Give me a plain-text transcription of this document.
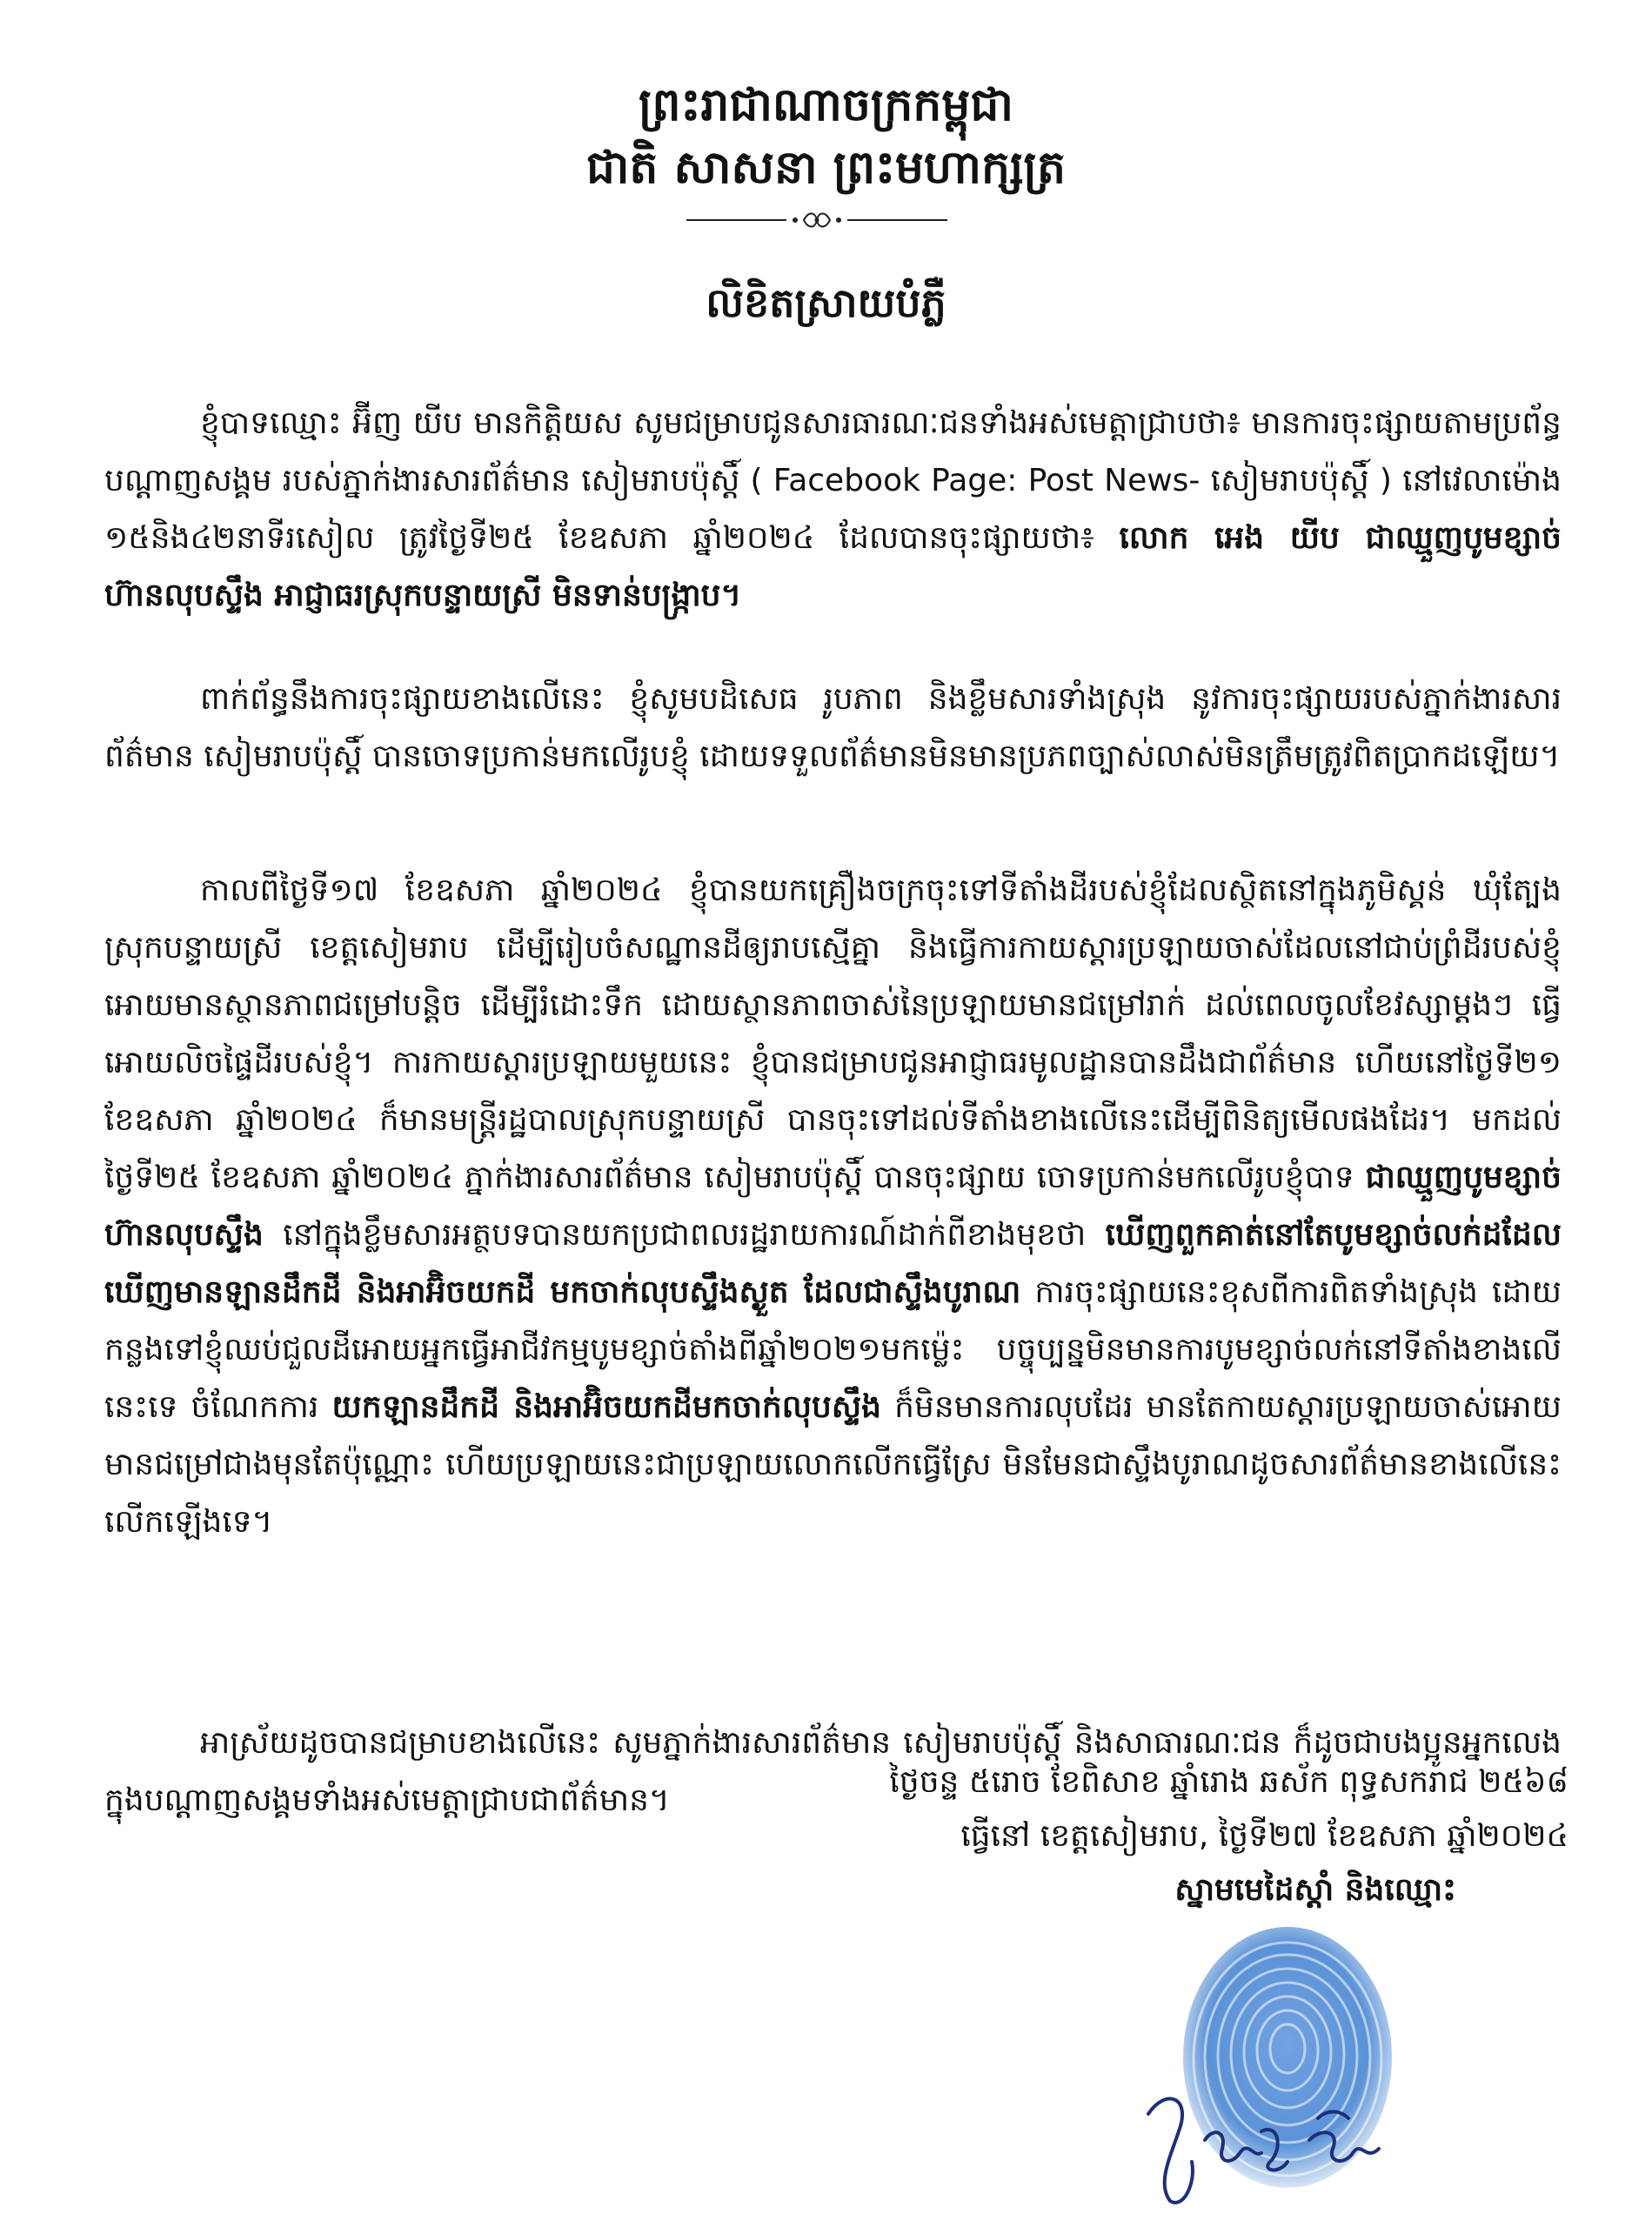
ព្រះរាជាណាចក្រកម្ពុជា
ជាតិ សាសនា ព្រះមហាក្សត្រ
លិខិតស្រាយបំភ្លឺ

ខ្ញុំបាទឈ្មោះ អ៊ីញ យីប មានកិត្តិយស សូមជម្រាបជូនសារធារណៈជនទាំងអស់មេត្តាជ្រាបថា៖ មានការចុះផ្សាយតាមប្រព័ន្ធបណ្តាញសង្គម របស់ភ្នាក់ងារសារព័ត៌មាន សៀមរាបប៉ុស្តិ៍ ( Facebook Page: Post News- សៀមរាបប៉ុស្តិ៍ ) នៅវេលាម៉ោង ១៥និង៤២នាទីរសៀល ត្រូវថ្ងៃទី២៥ ខែឧសភា ឆ្នាំ២០២៤ ដែលបានចុះផ្សាយថា៖ លោក អេង យីប ជាឈ្មួញបូមខ្សាច់ ហ៊ានលុបស្ទឹង អាជ្ញាធរស្រុកបន្ទាយស្រី មិនទាន់បង្ក្រាប។

ពាក់ព័ន្ធនឹងការចុះផ្សាយខាងលើនេះ ខ្ញុំសូមបដិសេធ រូបភាព និងខ្លឹមសារទាំងស្រុង នូវការចុះផ្សាយរបស់ភ្នាក់ងារសារព័ត៌មាន សៀមរាបប៉ុស្តិ៍ បានចោទប្រកាន់មកលើរូបខ្ញុំ ដោយទទួលព័ត៌មានមិនមានប្រភពច្បាស់លាស់មិនត្រឹមត្រូវពិតប្រាកដឡើយ។

កាលពីថ្ងៃទី១៧ ខែឧសភា ឆ្នាំ២០២៤ ខ្ញុំបានយកគ្រឿងចក្រចុះទៅទីតាំងដីរបស់ខ្ញុំដែលស្ថិតនៅក្នុងភូមិស្គន់ ឃុំត្បែង ស្រុកបន្ទាយស្រី ខេត្តសៀមរាប ដើម្បីរៀបចំសណ្ឋានដីឲ្យរាបស្មើគ្នា និងធ្វើការកាយស្តារប្រឡាយចាស់ដែលនៅជាប់ព្រំដីរបស់ខ្ញុំ អោយមានស្ថានភាពជម្រៅបន្តិច ដើម្បីរំដោះទឹក ដោយស្ថានភាពចាស់នៃប្រឡាយមានជម្រៅរាក់ ដល់ពេលចូលខែវស្សាម្តងៗ ធ្វើអោយលិចផ្ទៃដីរបស់ខ្ញុំ។ ការកាយស្តារប្រឡាយមួយនេះ ខ្ញុំបានជម្រាបជូនអាជ្ញាធរមូលដ្ឋានបានដឹងជាព័ត៌មាន ហើយនៅថ្ងៃទី២១ ខែឧសភា ឆ្នាំ២០២៤ ក៏មានមន្ត្រីរដ្ឋបាលស្រុកបន្ទាយស្រី បានចុះទៅដល់ទីតាំងខាងលើនេះដើម្បីពិនិត្យមើលផងដែរ។ មកដល់ថ្ងៃទី២៥ ខែឧសភា ឆ្នាំ២០២៤ ភ្នាក់ងារសារព័ត៌មាន សៀមរាបប៉ុស្តិ៍ បានចុះផ្សាយ ចោទប្រកាន់មកលើរូបខ្ញុំបាទ ជាឈ្មួញបូមខ្សាច់ ហ៊ានលុបស្ទឹង នៅក្នុងខ្លឹមសារអត្ថបទបានយកប្រជាពលរដ្ឋរាយការណ៍ដាក់ពីខាងមុខថា ឃើញពួកគាត់នៅតែបូមខ្សាច់លក់ដដែល ឃើញមានឡានដឹកដី និងអាអ៊ិចយកដី មកចាក់លុបស្ទឹងស្ងួត ដែលជាស្ទឹងបូរាណ ការចុះផ្សាយនេះខុសពីការពិតទាំងស្រុង ដោយកន្លងទៅខ្ញុំឈប់ជួលដីអោយអ្នកធ្វើអាជីវកម្មបូមខ្សាច់តាំងពីឆ្នាំ២០២១មកម្ល៉េះ បច្ចុប្បន្នមិនមានការបូមខ្សាច់លក់នៅទីតាំងខាងលើនេះទេ ចំណែកការ យកឡានដឹកដី និងអាអ៊ិចយកដីមកចាក់លុបស្ទឹង ក៏មិនមានការលុបដែរ មានតែកាយស្តារប្រឡាយចាស់អោយមានជម្រៅជាងមុនតែប៉ុណ្ណោះ ហើយប្រឡាយនេះជាប្រឡាយលោកលើកធ្វើស្រែ មិនមែនជាស្ទឹងបូរាណដូចសារព័ត៌មានខាងលើនេះលើកឡើងទេ។

អាស្រ័យដូចបានជម្រាបខាងលើនេះ សូមភ្នាក់ងារសារព័ត៌មាន សៀមរាបប៉ុស្តិ៍ និងសាធារណៈជន ក៏ដូចជាបងប្អូនអ្នកលេងក្នុងបណ្តាញសង្គមទាំងអស់មេត្តាជ្រាបជាព័ត៌មាន។

ថ្ងៃចន្ទ ៥រោច ខែពិសាខ ឆ្នាំរោង ឆស័ក ពុទ្ធសករាជ ២៥៦៨
ធ្វើនៅ ខេត្តសៀមរាប, ថ្ងៃទី២៧ ខែឧសភា ឆ្នាំ២០២៤
ស្នាមមេដៃស្តាំ និងឈ្មោះ
